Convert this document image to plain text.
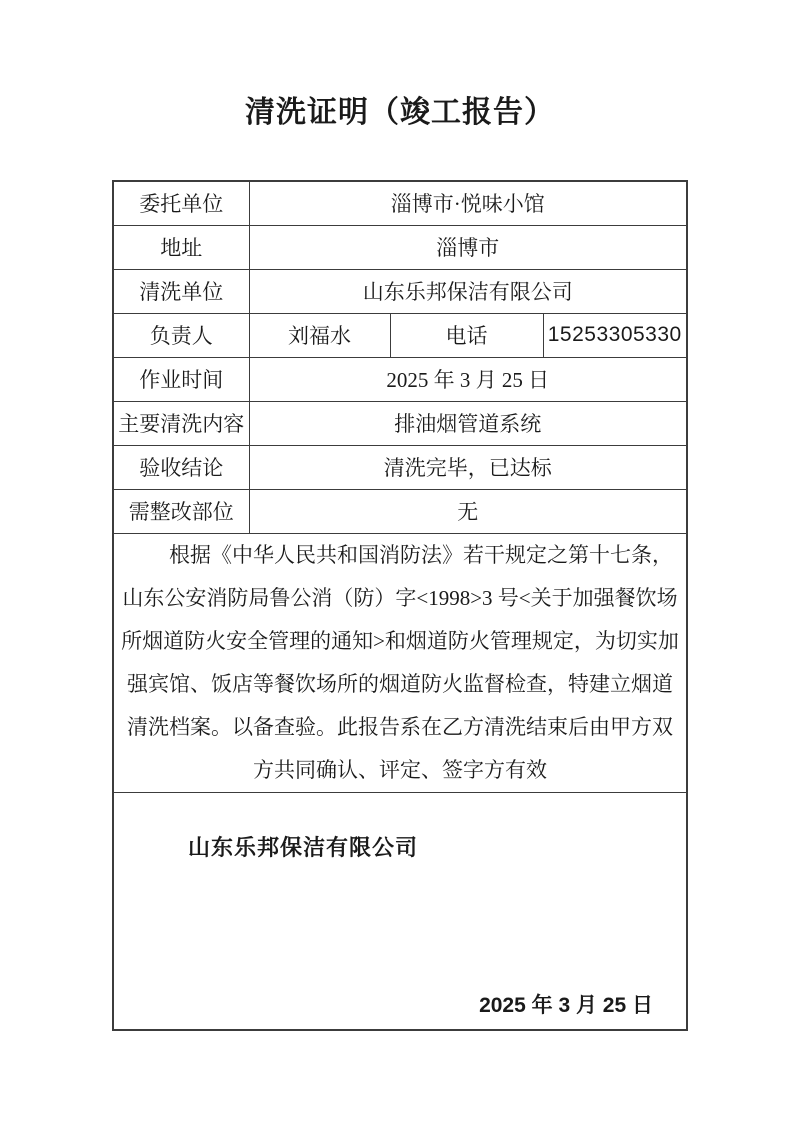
清洗证明（竣工报告）
委托单位	淄博市·悦味小馆		
地址	淄博市		
清洗单位	山东乐邦保洁有限公司		
负责人	刘福水	电话	15253305330
作业时间	2025 年 3 月 25 日		
主要清洗内容	排油烟管道系统		
验收结论	清洗完毕，已达标		
需整改部位	无		

根据《中华人民共和国消防法》若干规定之第十七条，山东公安消防局鲁公消（防）字<1998>3 号<关于加强餐饮场所烟道防火安全管理的通知>和烟道防火管理规定，为切实加强宾馆、饭店等餐饮场所的烟道防火监督检查，特建立烟道清洗档案。以备查验。此报告系在乙方清洗结束后由甲方双方共同确认、评定、签字方有效			

山东乐邦保洁有限公司
2025 年 3 月 25 日			
